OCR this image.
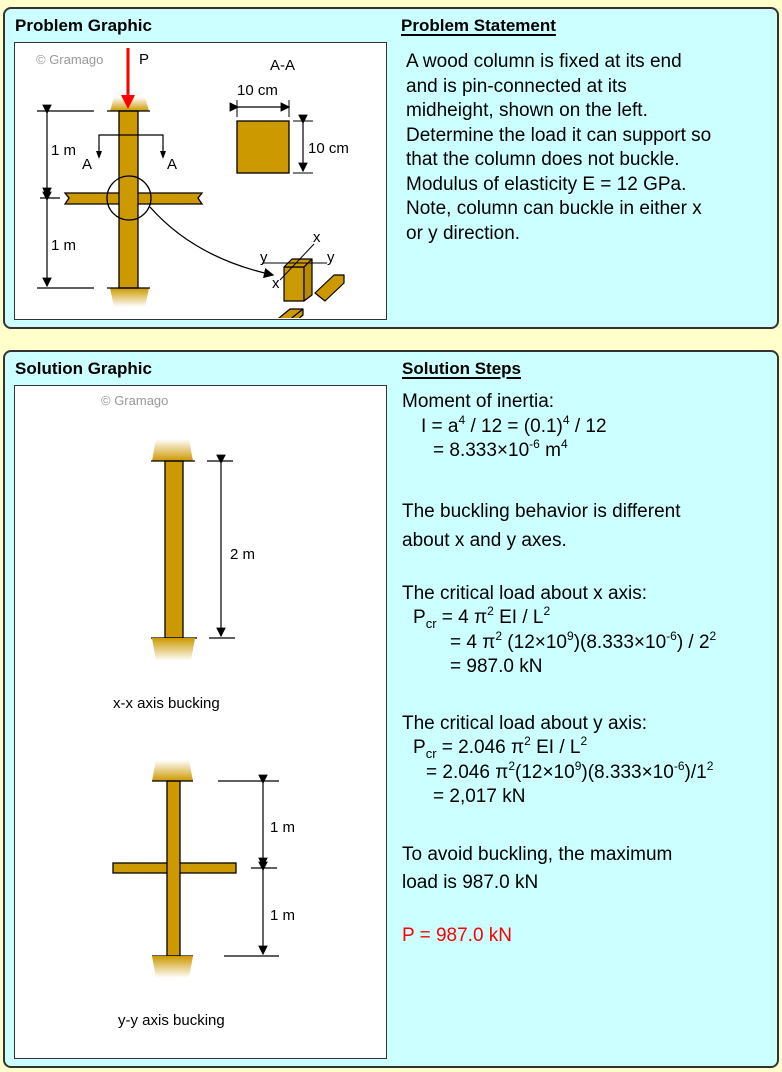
Problem Graphic	Problem Statement
© Gramago P
1 m
1 m
A	A
A-A
10 cm
10 cm
x
x
y	y
A wood column is fixed at its end
and is pin-connected at its
midheight, shown on the left.
Determine the load it can support so
that the column does not buckle.
Modulus of elasticity E = 12 GPa.
Note, column can buckle in either x
or y direction.
Solution Graphic	Solution Steps
© Gramago
2 m
x-x axis bucking
1 m
1 m
y-y axis bucking
Moment of inertia:
$I = a^4 / 12 = (0.1)^4 / 12$
= $8.333\times 10^{-6}$ $m^4$
The buckling behavior is different
about x and y axes.
The critical load about x axis:
$P_{cr} = 4$ $\pi^2$ EI / $L^2$
= 4 $\pi^2$ $(12\times 10^9)(8.333\times 10^{-6}) / 2^2$
= 987.0 kN
The critical load about y axis:
$P_{cr} = 2.046$ $\pi^2$ EI / $L^2$
= 2.046 $\pi^2(12\times 10^9)(8.333\times 10^{-6})/1^2$
= 2,017 kN
To avoid buckling, the maximum
load is 987.0 kN
P = 987.0 kN
